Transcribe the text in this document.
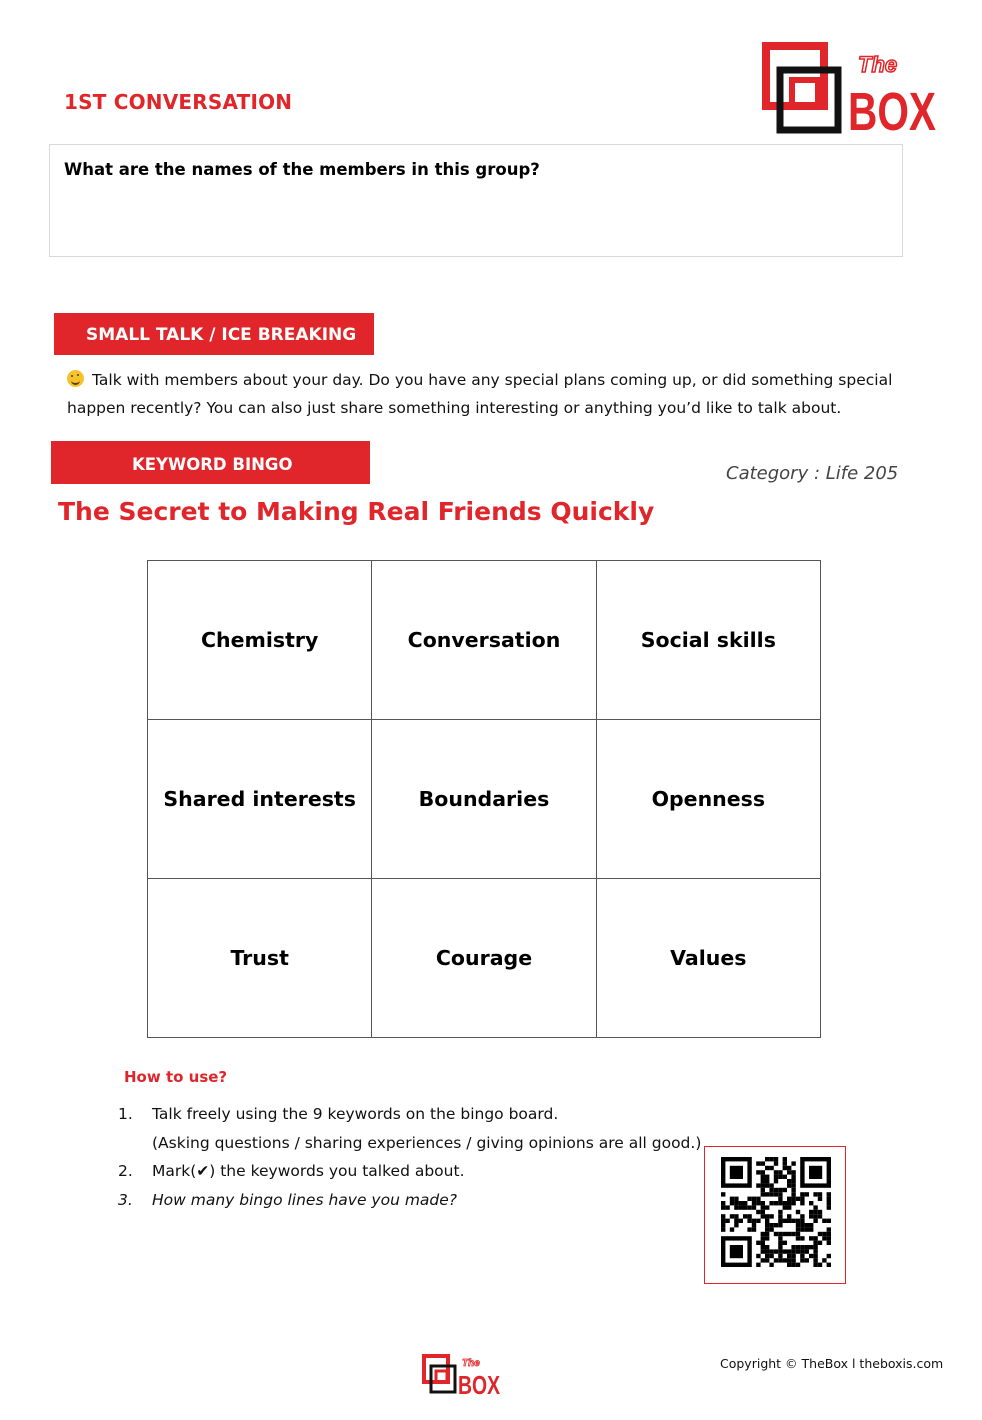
1ST CONVERSATION
The
BOX
What are the names of the members in this group?
SMALL TALK / ICE BREAKING
Talk with members about your day. Do you have any special plans coming up, or did something special
happen recently? You can also just share something interesting or anything you’d like to talk about.
KEYWORD BINGO	Category : Life 205
The Secret to Making Real Friends Quickly
Chemistry	Conversation	Social skills
Shared interests	Boundaries	Openness
Trust	Courage	Values
How to use?
1.	Talk freely using the 9 keywords on the bingo board.
(Asking questions / sharing experiences / giving opinions are all good.)
2.	Mark(✔) the keywords you talked about.
3.	How many bingo lines have you made?
The
BOX
Copyright © TheBox l theboxis.com
